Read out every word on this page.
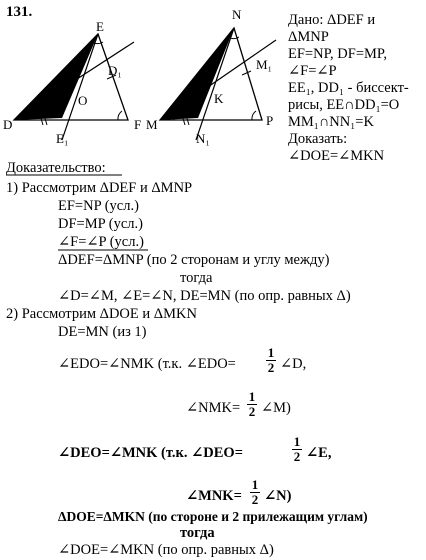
131.
E
D	F
D₁
E₁
O
N
M	P
M₁
N₁
K
Дано: ΔDEF и
ΔMNP
EF=NP, DF=MP,
∠F=∠P
EE₁, DD₁ - биссект-
рисы, EE∩DD₁=O
MM₁∩NN₁=K
Доказать:
∠DOE=∠MKN
Доказательство:
1) Рассмотрим ΔDEF и ΔMNP
EF=NP (усл.)
DF=MP (усл.)
∠F=∠P (усл.)
ΔDEF=ΔMNP (по 2 сторонам и углу между)
тогда
∠D=∠M, ∠E=∠N, DE=MN (по опр. равных Δ)
2) Рассмотрим ΔDOE и ΔMKN
DE=MN (из 1)
∠EDO=∠NMK (т.к. ∠EDO= $\frac{1}{2}$ ∠D,
∠NMK= $\frac{1}{2}$ ∠M)
∠DEO=∠MNK (т.к. ∠DEO=	$\frac{1}{2}$ ∠E,
∠MNK= $\frac{1}{2}$ ∠N)
ΔDOE=ΔMKN (по стороне и 2 прилежащим углам)
тогда
∠DOE=∠MKN (по опр. равных Δ)
